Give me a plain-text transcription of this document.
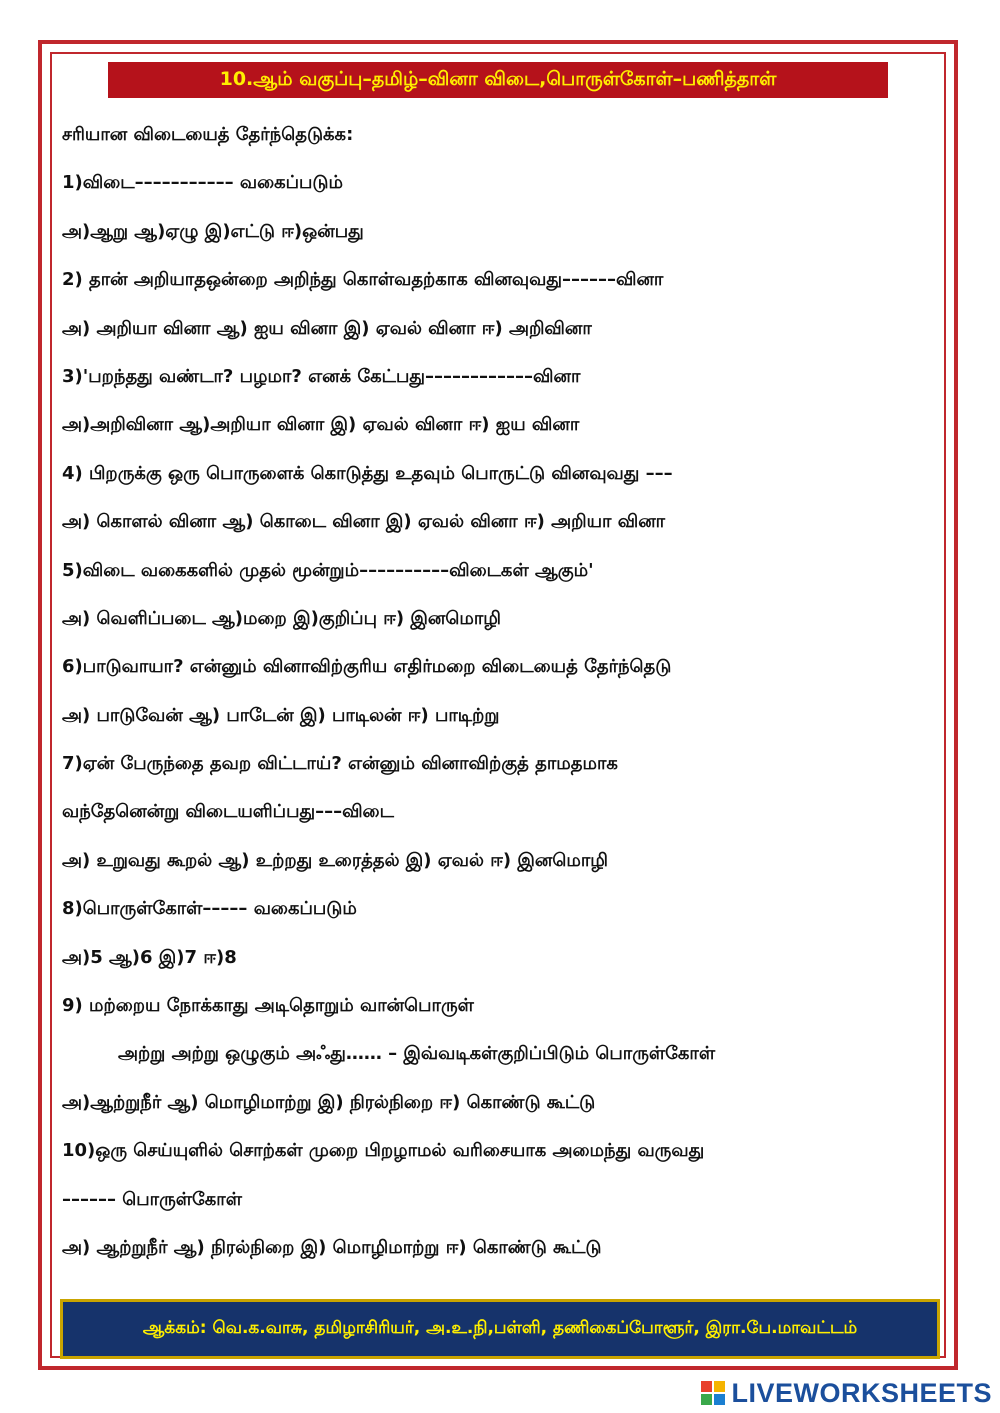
10.ஆம் வகுப்பு–தமிழ்–வினா விடை,பொருள்கோள்–பணித்தாள்
சரியான விடையைத் தேர்ந்தெடுக்க:
1)விடை––––––––––– வகைப்படும்
அ)ஆறு ஆ)ஏழு இ)எட்டு ஈ)ஒன்பது
2) தான் அறியாதஒன்றை அறிந்து கொள்வதற்காக வினவுவது––––––வினா
அ) அறியா வினா ஆ) ஐய வினா இ) ஏவல் வினா ஈ) அறிவினா
3)'பறந்தது வண்டா? பழமா? எனக் கேட்பது––––––––––––வினா
அ)அறிவினா ஆ)அறியா வினா இ) ஏவல் வினா ஈ) ஐய வினா
4) பிறருக்கு ஒரு பொருளைக் கொடுத்து உதவும் பொருட்டு வினவுவது –––
அ) கொளல் வினா ஆ) கொடை வினா இ) ஏவல் வினா ஈ) அறியா வினா
5)விடை வகைகளில் முதல் மூன்றும்––––––––––விடைகள் ஆகும்'
அ) வெளிப்படை ஆ)மறை இ)குறிப்பு ஈ) இனமொழி
6)பாடுவாயா? என்னும் வினாவிற்குரிய எதிர்மறை விடையைத் தேர்ந்தெடு
அ) பாடுவேன் ஆ) பாடேன் இ) பாடிலன் ஈ) பாடிற்று
7)ஏன் பேருந்தை தவற விட்டாய்? என்னும் வினாவிற்குத் தாமதமாக
வந்தேனென்று விடையளிப்பது–––விடை
அ) உறுவது கூறல் ஆ) உற்றது உரைத்தல் இ) ஏவல் ஈ) இனமொழி
8)பொருள்கோள்––––– வகைப்படும்
அ)5 ஆ)6 இ)7 ஈ)8
9) மற்றைய நோக்காது அடிதொறும் வான்பொருள்
அற்று அற்று ஒழுகும் அஃது…… – இவ்வடிகள்குறிப்பிடும் பொருள்கோள்
அ)ஆற்றுநீர் ஆ) மொழிமாற்று இ) நிரல்நிறை ஈ) கொண்டு கூட்டு
10)ஒரு செய்யுளில் சொற்கள் முறை பிறழாமல் வரிசையாக அமைந்து வருவது
–––––– பொருள்கோள்
அ) ஆற்றுநீர் ஆ) நிரல்நிறை இ) மொழிமாற்று ஈ) கொண்டு கூட்டு
ஆக்கம்: வெ.க.வாசு, தமிழாசிரியர், அ.உ.நி,பள்ளி, தணிகைப்போளூர், இரா.பே.மாவட்டம்
LIVEWORKSHEETS
